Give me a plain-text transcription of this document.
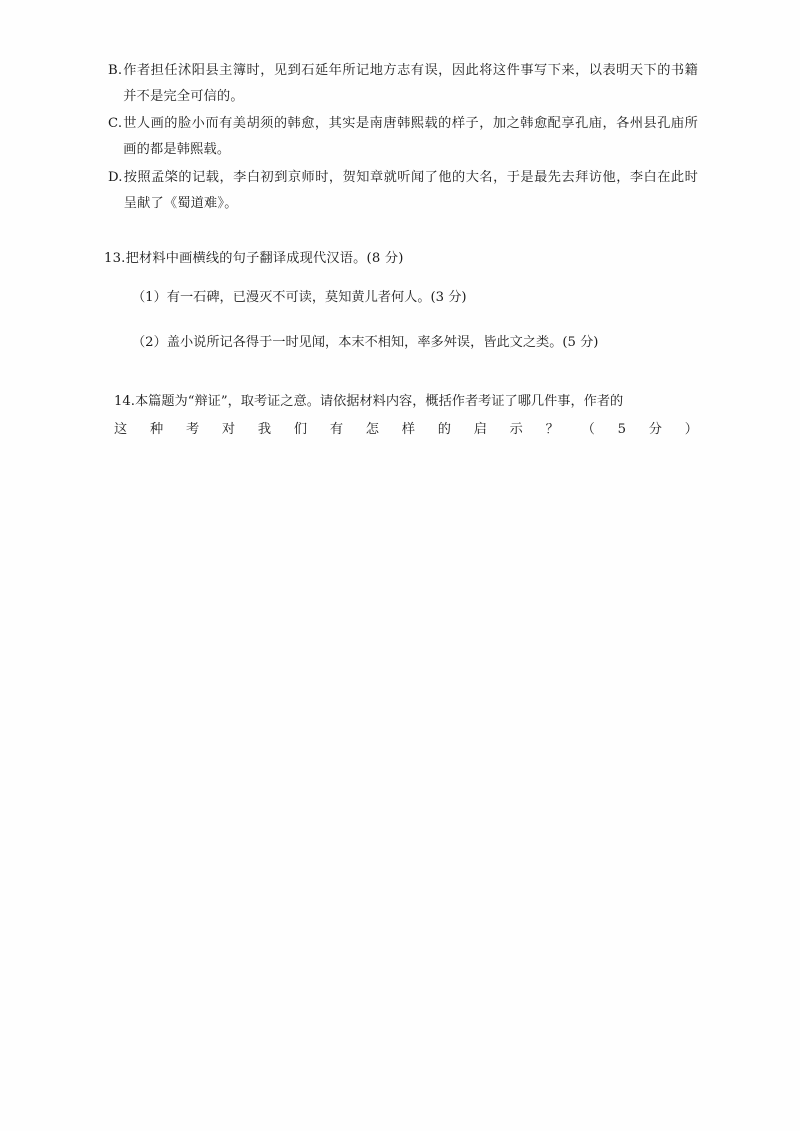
B. 作者担任沭阳县主簿时，见到石延年所记地方志有误，因此将这件事写下来，以表明天下的书籍并不是完全可信的。
C. 世人画的脸小而有美胡须的韩愈，其实是南唐韩熙载的样子，加之韩愈配享孔庙，各州县孔庙所画的都是韩熙载。
D. 按照孟棨的记载，李白初到京师时，贺知章就听闻了他的大名，于是最先去拜访他，李白在此时呈献了《蜀道难》。
13.把材料中画横线的句子翻译成现代汉语。(8 分)
（1）有一石碑，已漫灭不可读，莫知黄儿者何人。(3 分)
（2）盖小说所记各得于一时见闻，本末不相知，率多舛误，皆此文之类。(5 分)
14.本篇题为“辩证”，取考证之意。请依据材料内容，概括作者考证了哪几件事，作者的
这 种 考 对 我 们 有 怎 样 的 启 示 ？ （ 5 分 ）
